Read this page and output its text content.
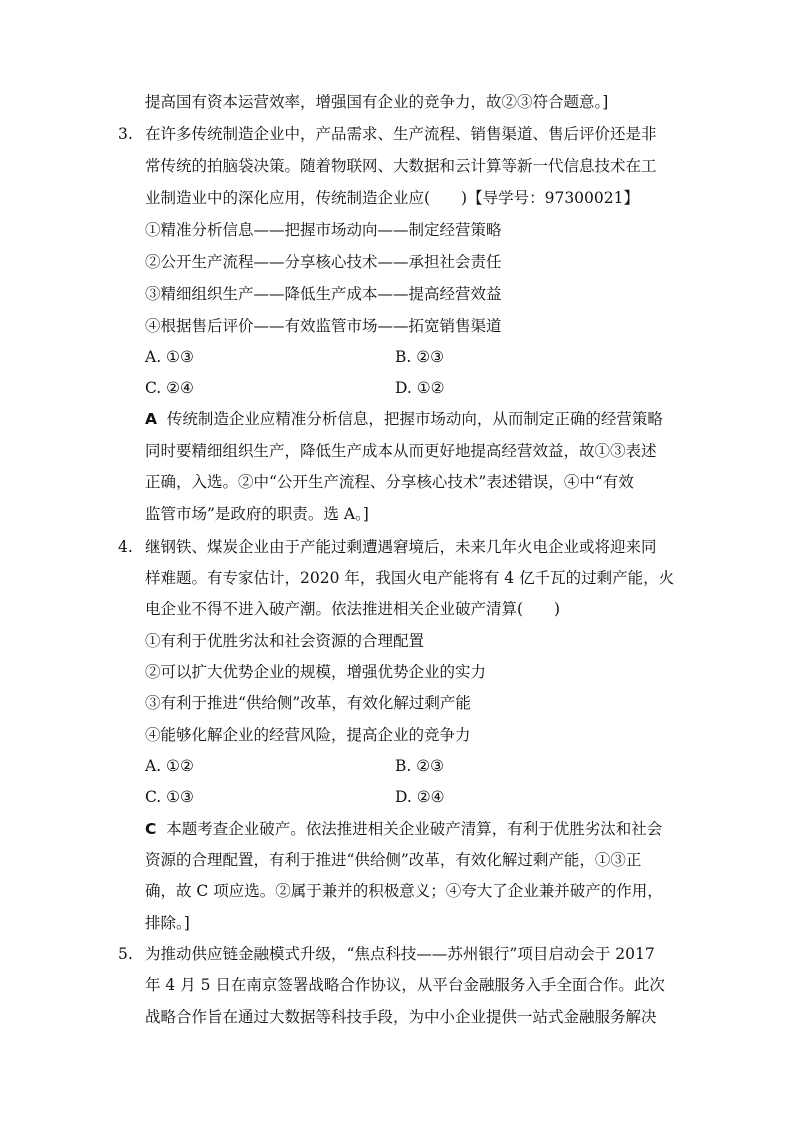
提高国有资本运营效率，增强国有企业的竞争力，故②③符合题意。]
3. 在许多传统制造企业中，产品需求、生产流程、销售渠道、售后评价还是非
常传统的拍脑袋决策。随着物联网、大数据和云计算等新一代信息技术在工
业制造业中的深化应用，传统制造企业应(　　)【导学号：97300021】
①精准分析信息——把握市场动向——制定经营策略
②公开生产流程——分享核心技术——承担社会责任
③精细组织生产——降低生产成本——提高经营效益
④根据售后评价——有效监管市场——拓宽销售渠道
A. ①③	B. ②③
C. ②④	D. ①②
A 传统制造企业应精准分析信息，把握市场动向，从而制定正确的经营策略
同时要精细组织生产，降低生产成本从而更好地提高经营效益，故①③表述
正确，入选。②中“公开生产流程、分享核心技术”表述错误，④中“有效
监管市场”是政府的职责。选 A。]
4. 继钢铁、煤炭企业由于产能过剩遭遇窘境后，未来几年火电企业或将迎来同
样难题。有专家估计，2020 年，我国火电产能将有 4 亿千瓦的过剩产能，火
电企业不得不进入破产潮。依法推进相关企业破产清算(　　)
①有利于优胜劣汰和社会资源的合理配置
②可以扩大优势企业的规模，增强优势企业的实力
③有利于推进“供给侧”改革，有效化解过剩产能
④能够化解企业的经营风险，提高企业的竞争力
A. ①②	B. ②③
C. ①③	D. ②④
C 本题考查企业破产。依法推进相关企业破产清算，有利于优胜劣汰和社会
资源的合理配置，有利于推进“供给侧”改革，有效化解过剩产能，①③正
确，故 C 项应选。②属于兼并的积极意义；④夸大了企业兼并破产的作用，
排除。]
5. 为推动供应链金融模式升级，“焦点科技——苏州银行”项目启动会于 2017
年 4 月 5 日在南京签署战略合作协议，从平台金融服务入手全面合作。此次
战略合作旨在通过大数据等科技手段，为中小企业提供一站式金融服务解决
